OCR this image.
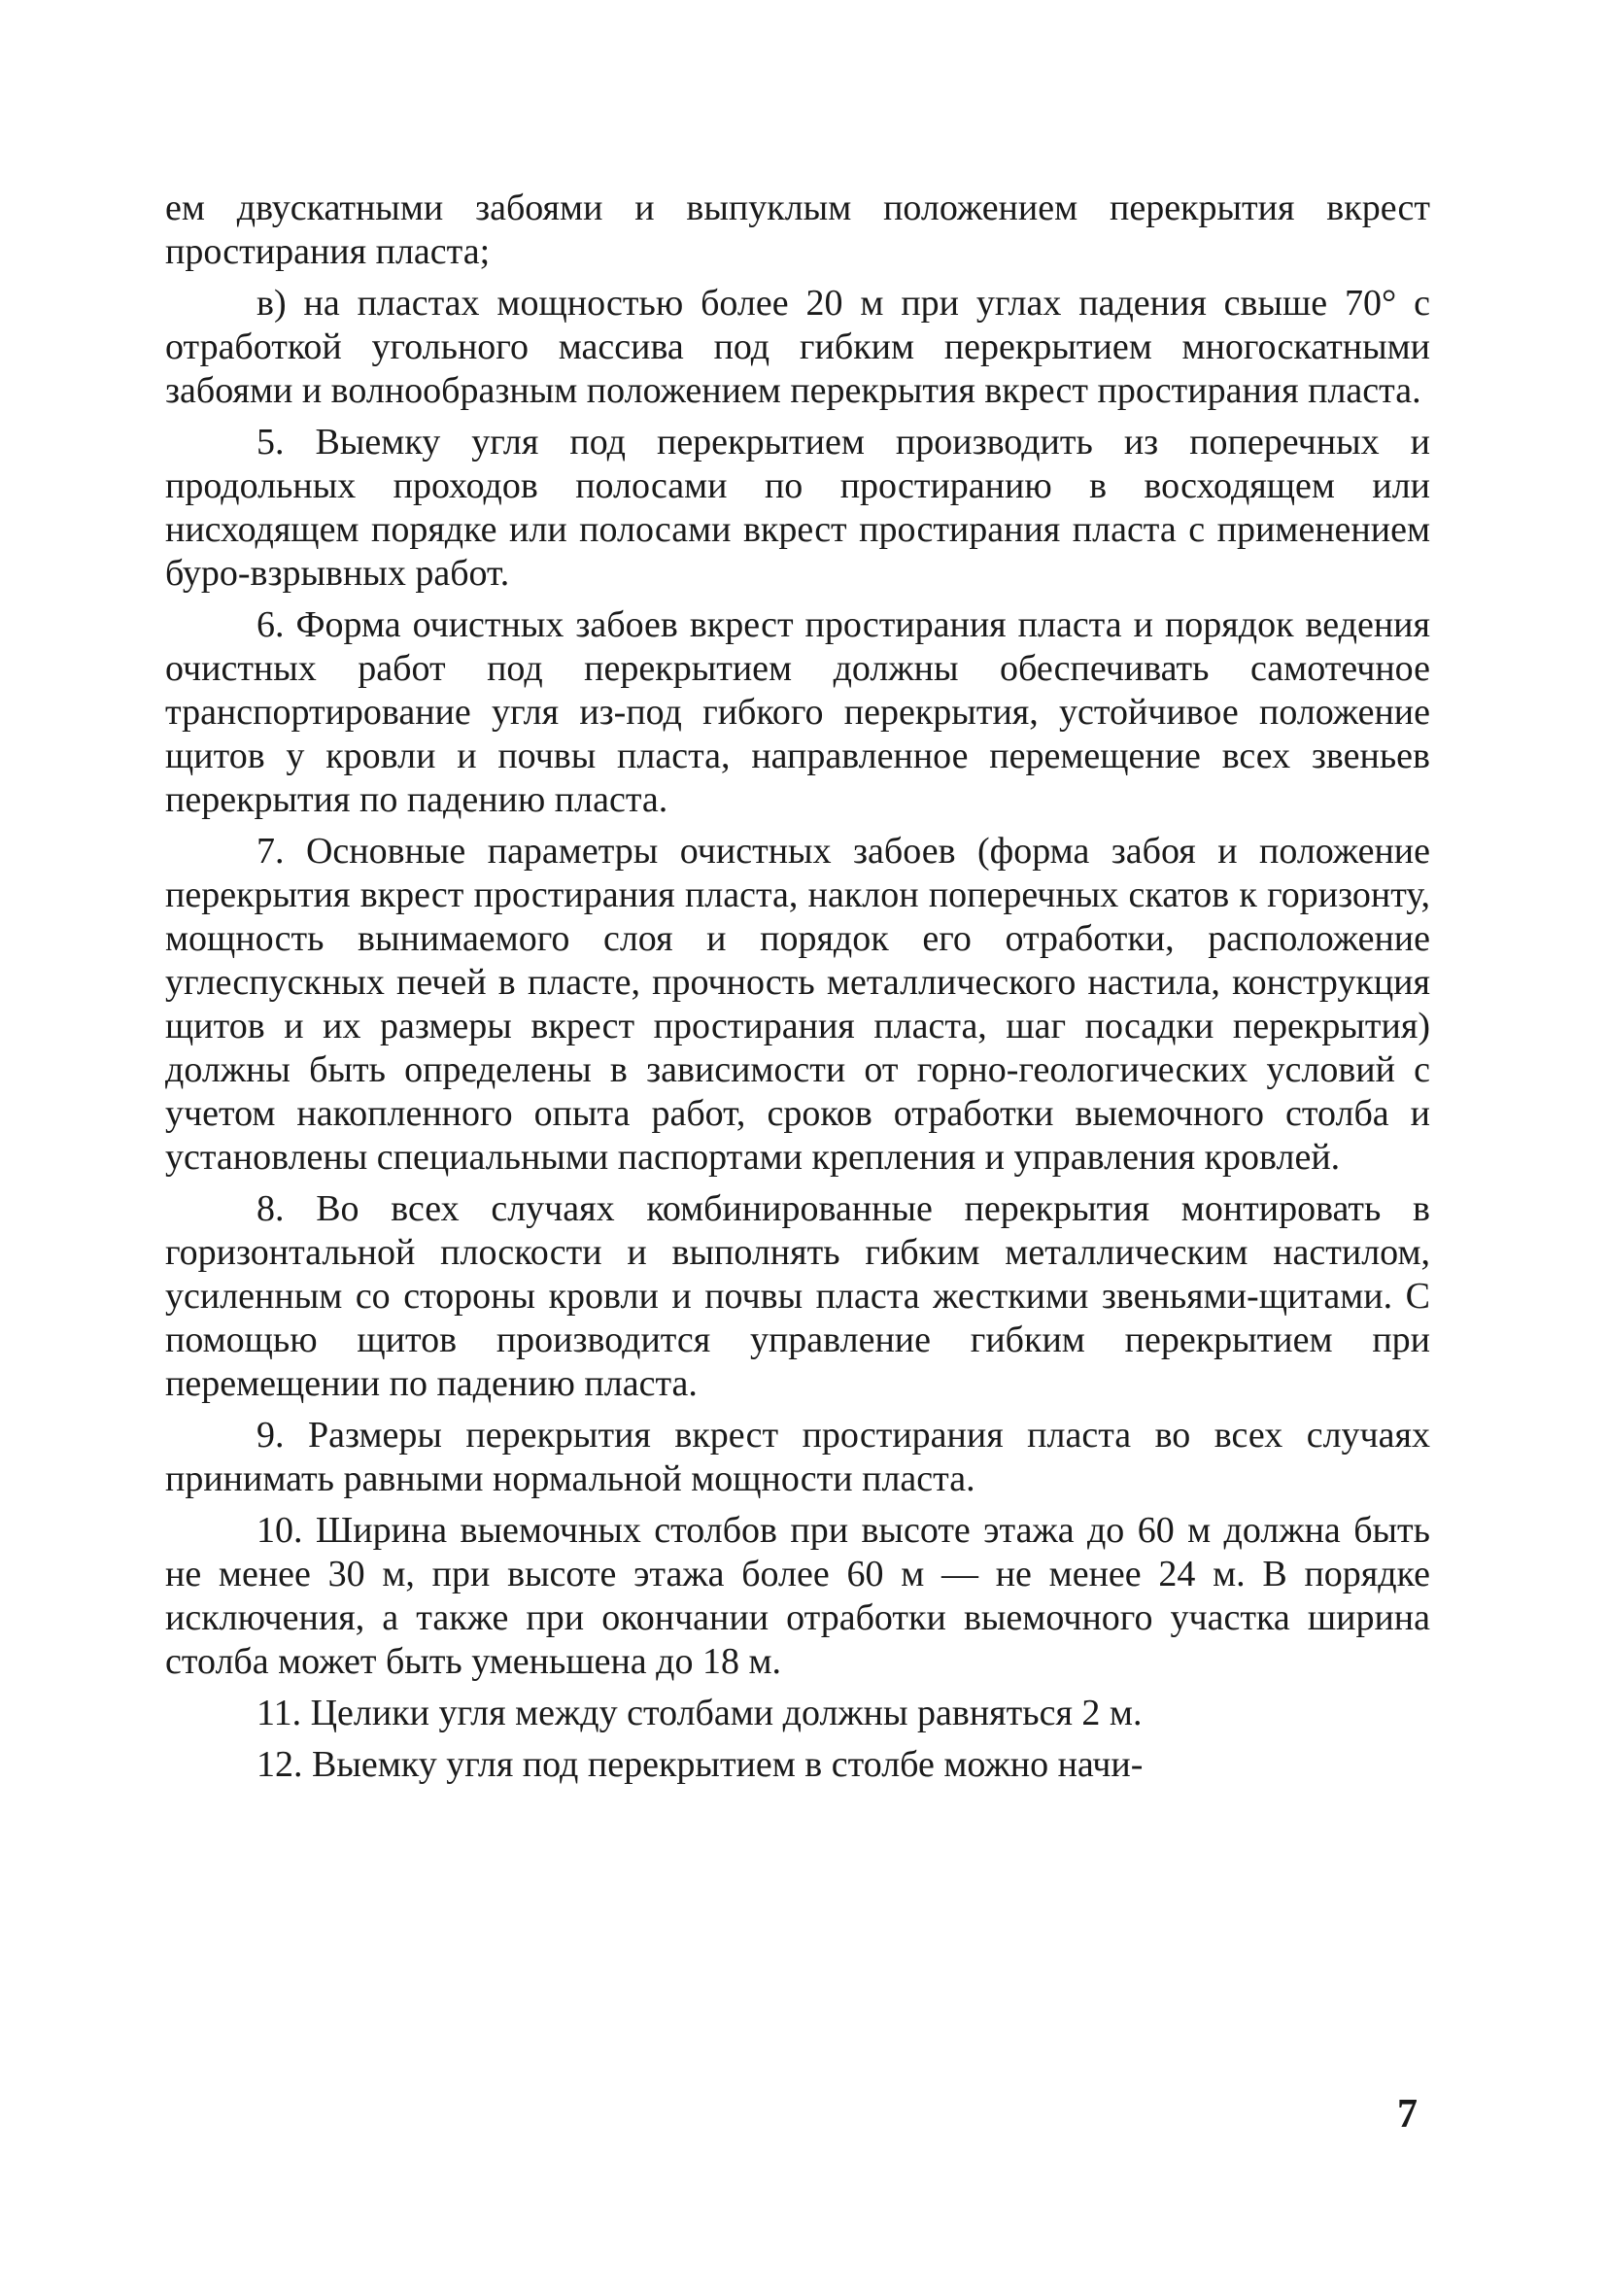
ем двускатными забоями и выпуклым положением перекрытия вкрест простирания пласта;

в) на пластах мощностью более 20 м при углах падения свыше 70° с отработкой угольного массива под гибким перекрытием многоскатными забоями и волнообразным положением перекрытия вкрест простирания пласта.

5. Выемку угля под перекрытием производить из поперечных и продольных проходов полосами по простиранию в восходящем или нисходящем порядке или полосами вкрест простирания пласта с применением буро-взрывных работ.

6. Форма очистных забоев вкрест простирания пласта и порядок ведения очистных работ под перекрытием должны обеспечивать самотечное транспортирование угля из-под гибкого перекрытия, устойчивое положение щитов у кровли и почвы пласта, направленное перемещение всех звеньев перекрытия по падению пласта.

7. Основные параметры очистных забоев (форма забоя и положение перекрытия вкрест простирания пласта, наклон поперечных скатов к горизонту, мощность вынимаемого слоя и порядок его отработки, расположение углеспускных печей в пласте, прочность металлического настила, конструкция щитов и их размеры вкрест простирания пласта, шаг посадки перекрытия) должны быть определены в зависимости от горно-геологических условий с учетом накопленного опыта работ, сроков отработки выемочного столба и установлены специальными паспортами крепления и управления кровлей.

8. Во всех случаях комбинированные перекрытия монтировать в горизонтальной плоскости и выполнять гибким металлическим настилом, усиленным со стороны кровли и почвы пласта жесткими звеньями-щитами. С помощью щитов производится управление гибким перекрытием при перемещении по падению пласта.

9. Размеры перекрытия вкрест простирания пласта во всех случаях принимать равными нормальной мощности пласта.

10. Ширина выемочных столбов при высоте этажа до 60 м должна быть не менее 30 м, при высоте этажа более 60 м — не менее 24 м. В порядке исключения, а также при окончании отработки выемочного участка ширина столба может быть уменьшена до 18 м.

11. Целики угля между столбами должны равняться 2 м.

12. Выемку угля под перекрытием в столбе можно начи-

7
